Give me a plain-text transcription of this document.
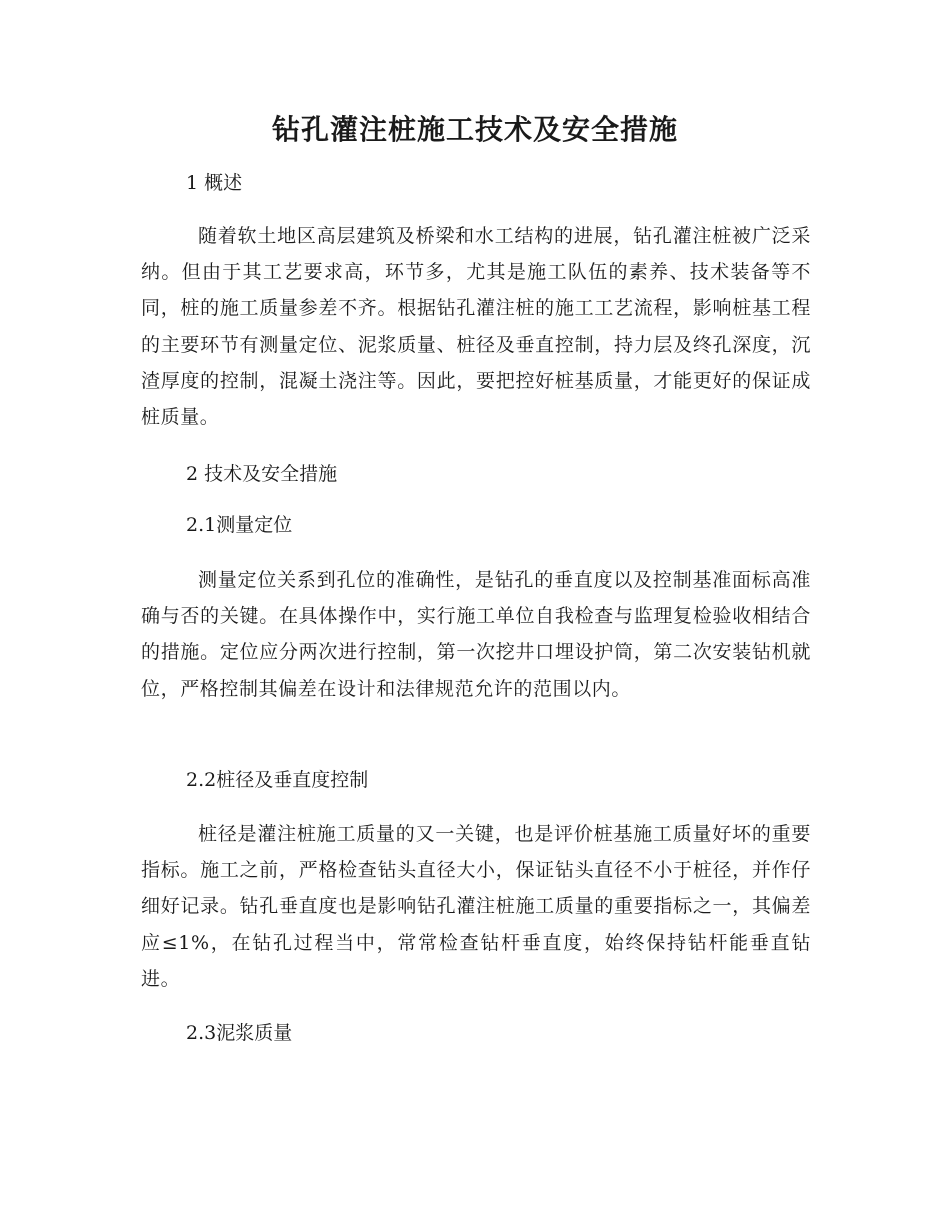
钻孔灌注桩施工技术及安全措施

1 概述

随着软土地区高层建筑及桥梁和水工结构的进展，钻孔灌注桩被广泛采纳。但由于其工艺要求高，环节多，尤其是施工队伍的素养、技术装备等不同，桩的施工质量参差不齐。根据钻孔灌注桩的施工工艺流程，影响桩基工程的主要环节有测量定位、泥浆质量、桩径及垂直控制，持力层及终孔深度，沉渣厚度的控制，混凝土浇注等。因此，要把控好桩基质量，才能更好的保证成桩质量。

2 技术及安全措施

2.1测量定位

测量定位关系到孔位的准确性，是钻孔的垂直度以及控制基准面标高准确与否的关键。在具体操作中，实行施工单位自我检查与监理复检验收相结合的措施。定位应分两次进行控制，第一次挖井口埋设护筒，第二次安装钻机就位，严格控制其偏差在设计和法律规范允许的范围以内。

2.2桩径及垂直度控制

桩径是灌注桩施工质量的又一关键，也是评价桩基施工质量好坏的重要指标。施工之前，严格检查钻头直径大小，保证钻头直径不小于桩径，并作仔细好记录。钻孔垂直度也是影响钻孔灌注桩施工质量的重要指标之一，其偏差应≤1%，在钻孔过程当中，常常检查钻杆垂直度，始终保持钻杆能垂直钻进。

2.3泥浆质量
